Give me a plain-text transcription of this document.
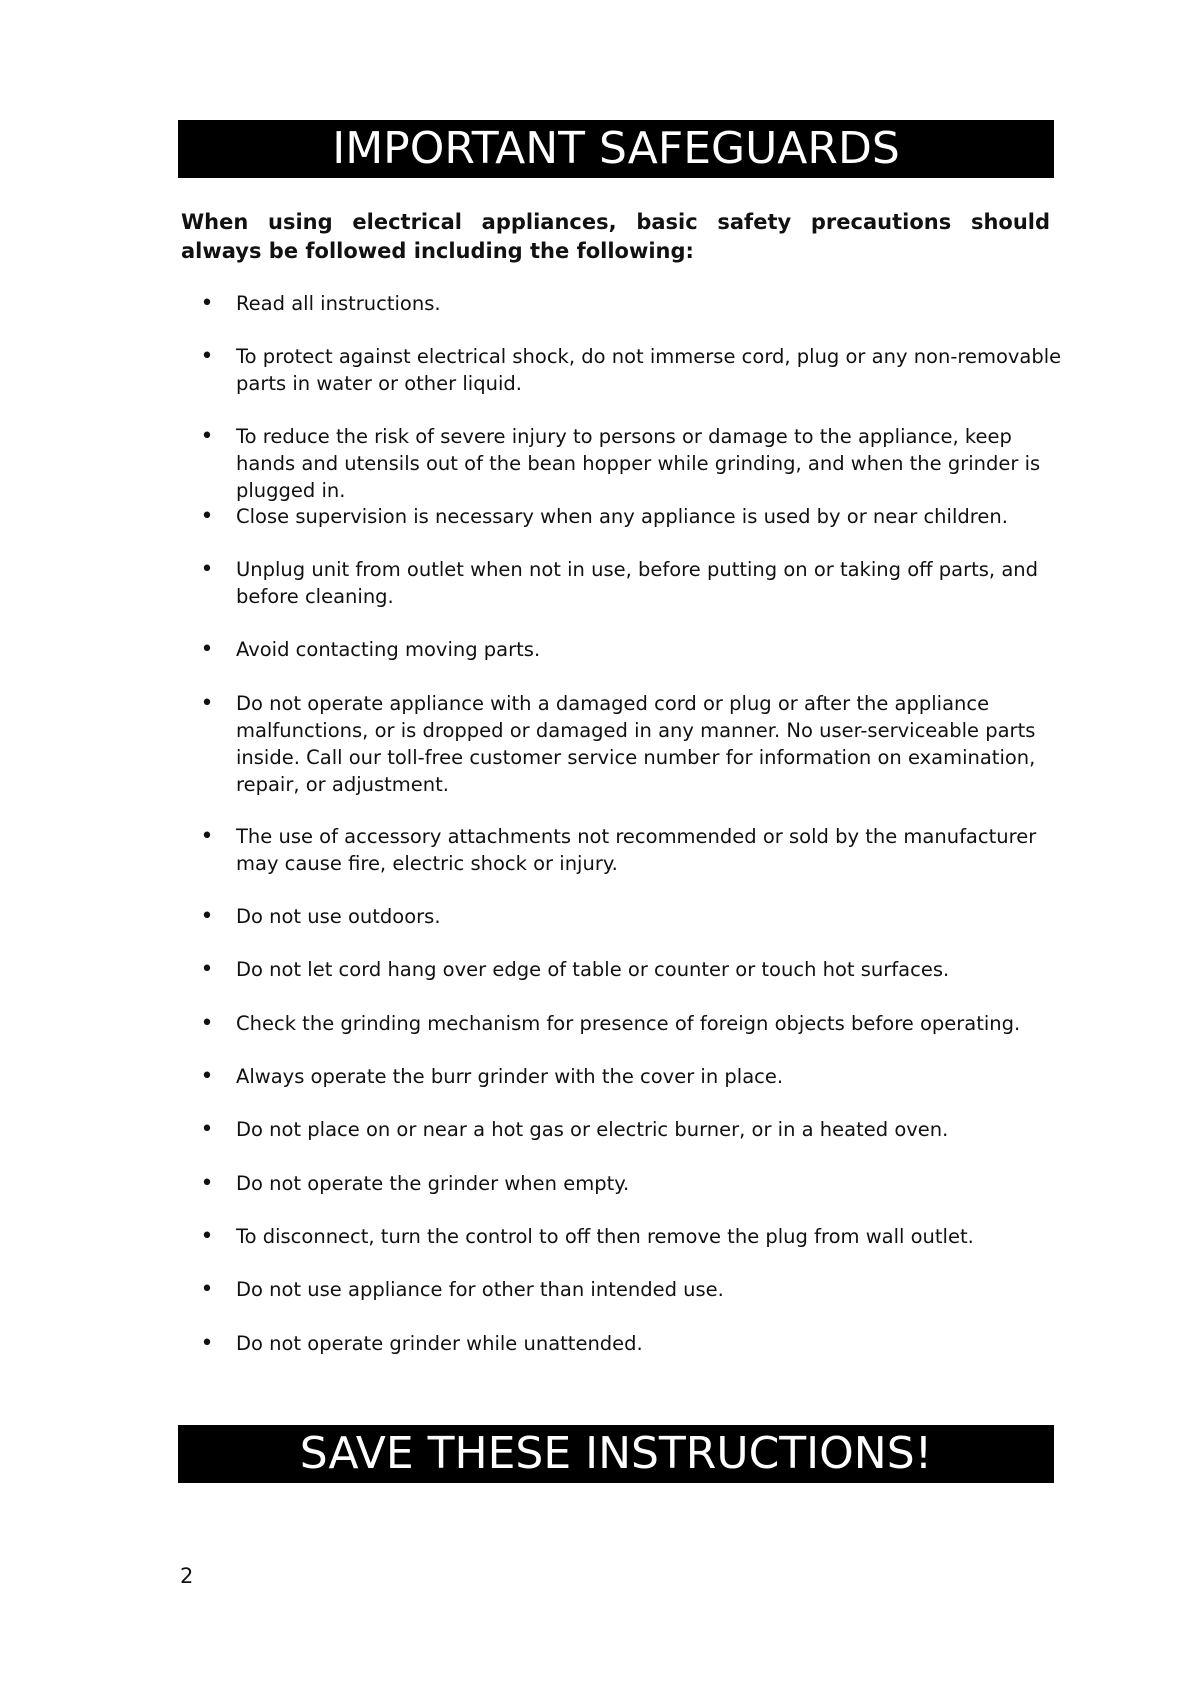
IMPORTANT SAFEGUARDS

When using electrical appliances, basic safety precautions should always be followed including the following:

• Read all instructions.
• To protect against electrical shock, do not immerse cord, plug or any non-removable parts in water or other liquid.
• To reduce the risk of severe injury to persons or damage to the appliance, keep hands and utensils out of the bean hopper while grinding, and when the grinder is plugged in.
• Close supervision is necessary when any appliance is used by or near children.
• Unplug unit from outlet when not in use, before putting on or taking off parts, and before cleaning.
• Avoid contacting moving parts.
• Do not operate appliance with a damaged cord or plug or after the appliance malfunctions, or is dropped or damaged in any manner. No user-serviceable parts inside. Call our toll-free customer service number for information on examination, repair, or adjustment.
• The use of accessory attachments not recommended or sold by the manufacturer may cause fire, electric shock or injury.
• Do not use outdoors.
• Do not let cord hang over edge of table or counter or touch hot surfaces.
• Check the grinding mechanism for presence of foreign objects before operating.
• Always operate the burr grinder with the cover in place.
• Do not place on or near a hot gas or electric burner, or in a heated oven.
• Do not operate the grinder when empty.
• To disconnect, turn the control to off then remove the plug from wall outlet.
• Do not use appliance for other than intended use.
• Do not operate grinder while unattended.
SAVE THESE INSTRUCTIONS!
2
